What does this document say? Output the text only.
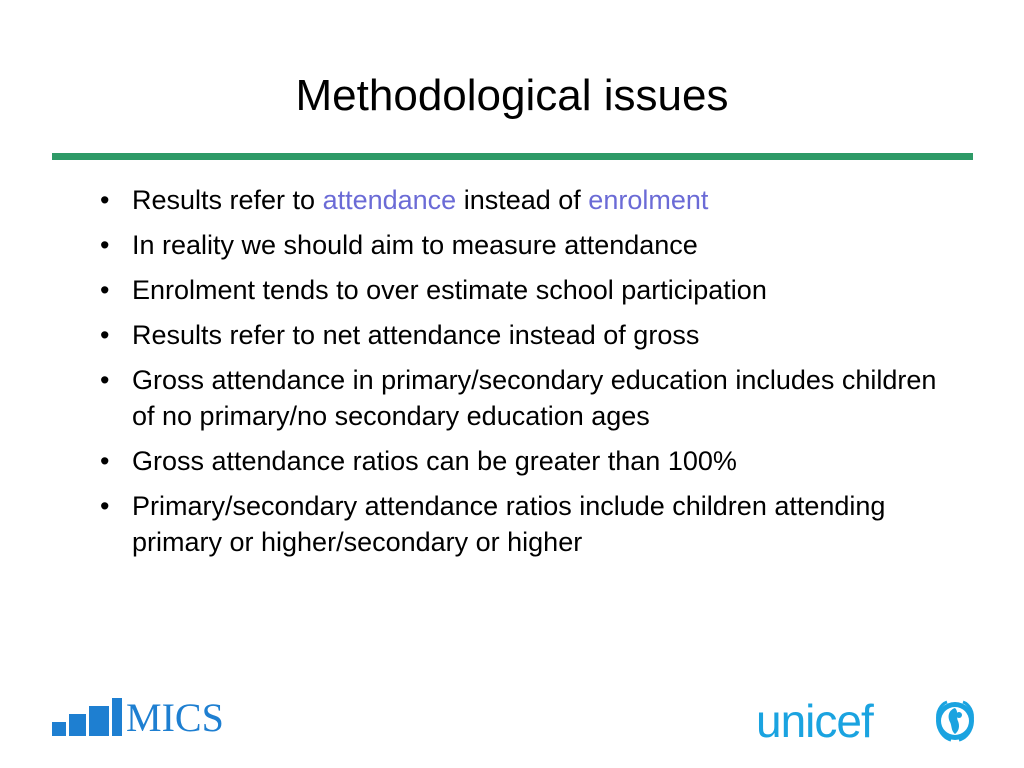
Methodological issues
• Results refer to attendance instead of enrolment
• In reality we should aim to measure attendance
• Enrolment tends to over estimate school participation
• Results refer to net attendance instead of gross
• Gross attendance in primary/secondary education includes children of no primary/no secondary education ages
• Gross attendance ratios can be greater than 100%
• Primary/secondary attendance ratios include children attending primary or higher/secondary or higher
MICS	unicef
